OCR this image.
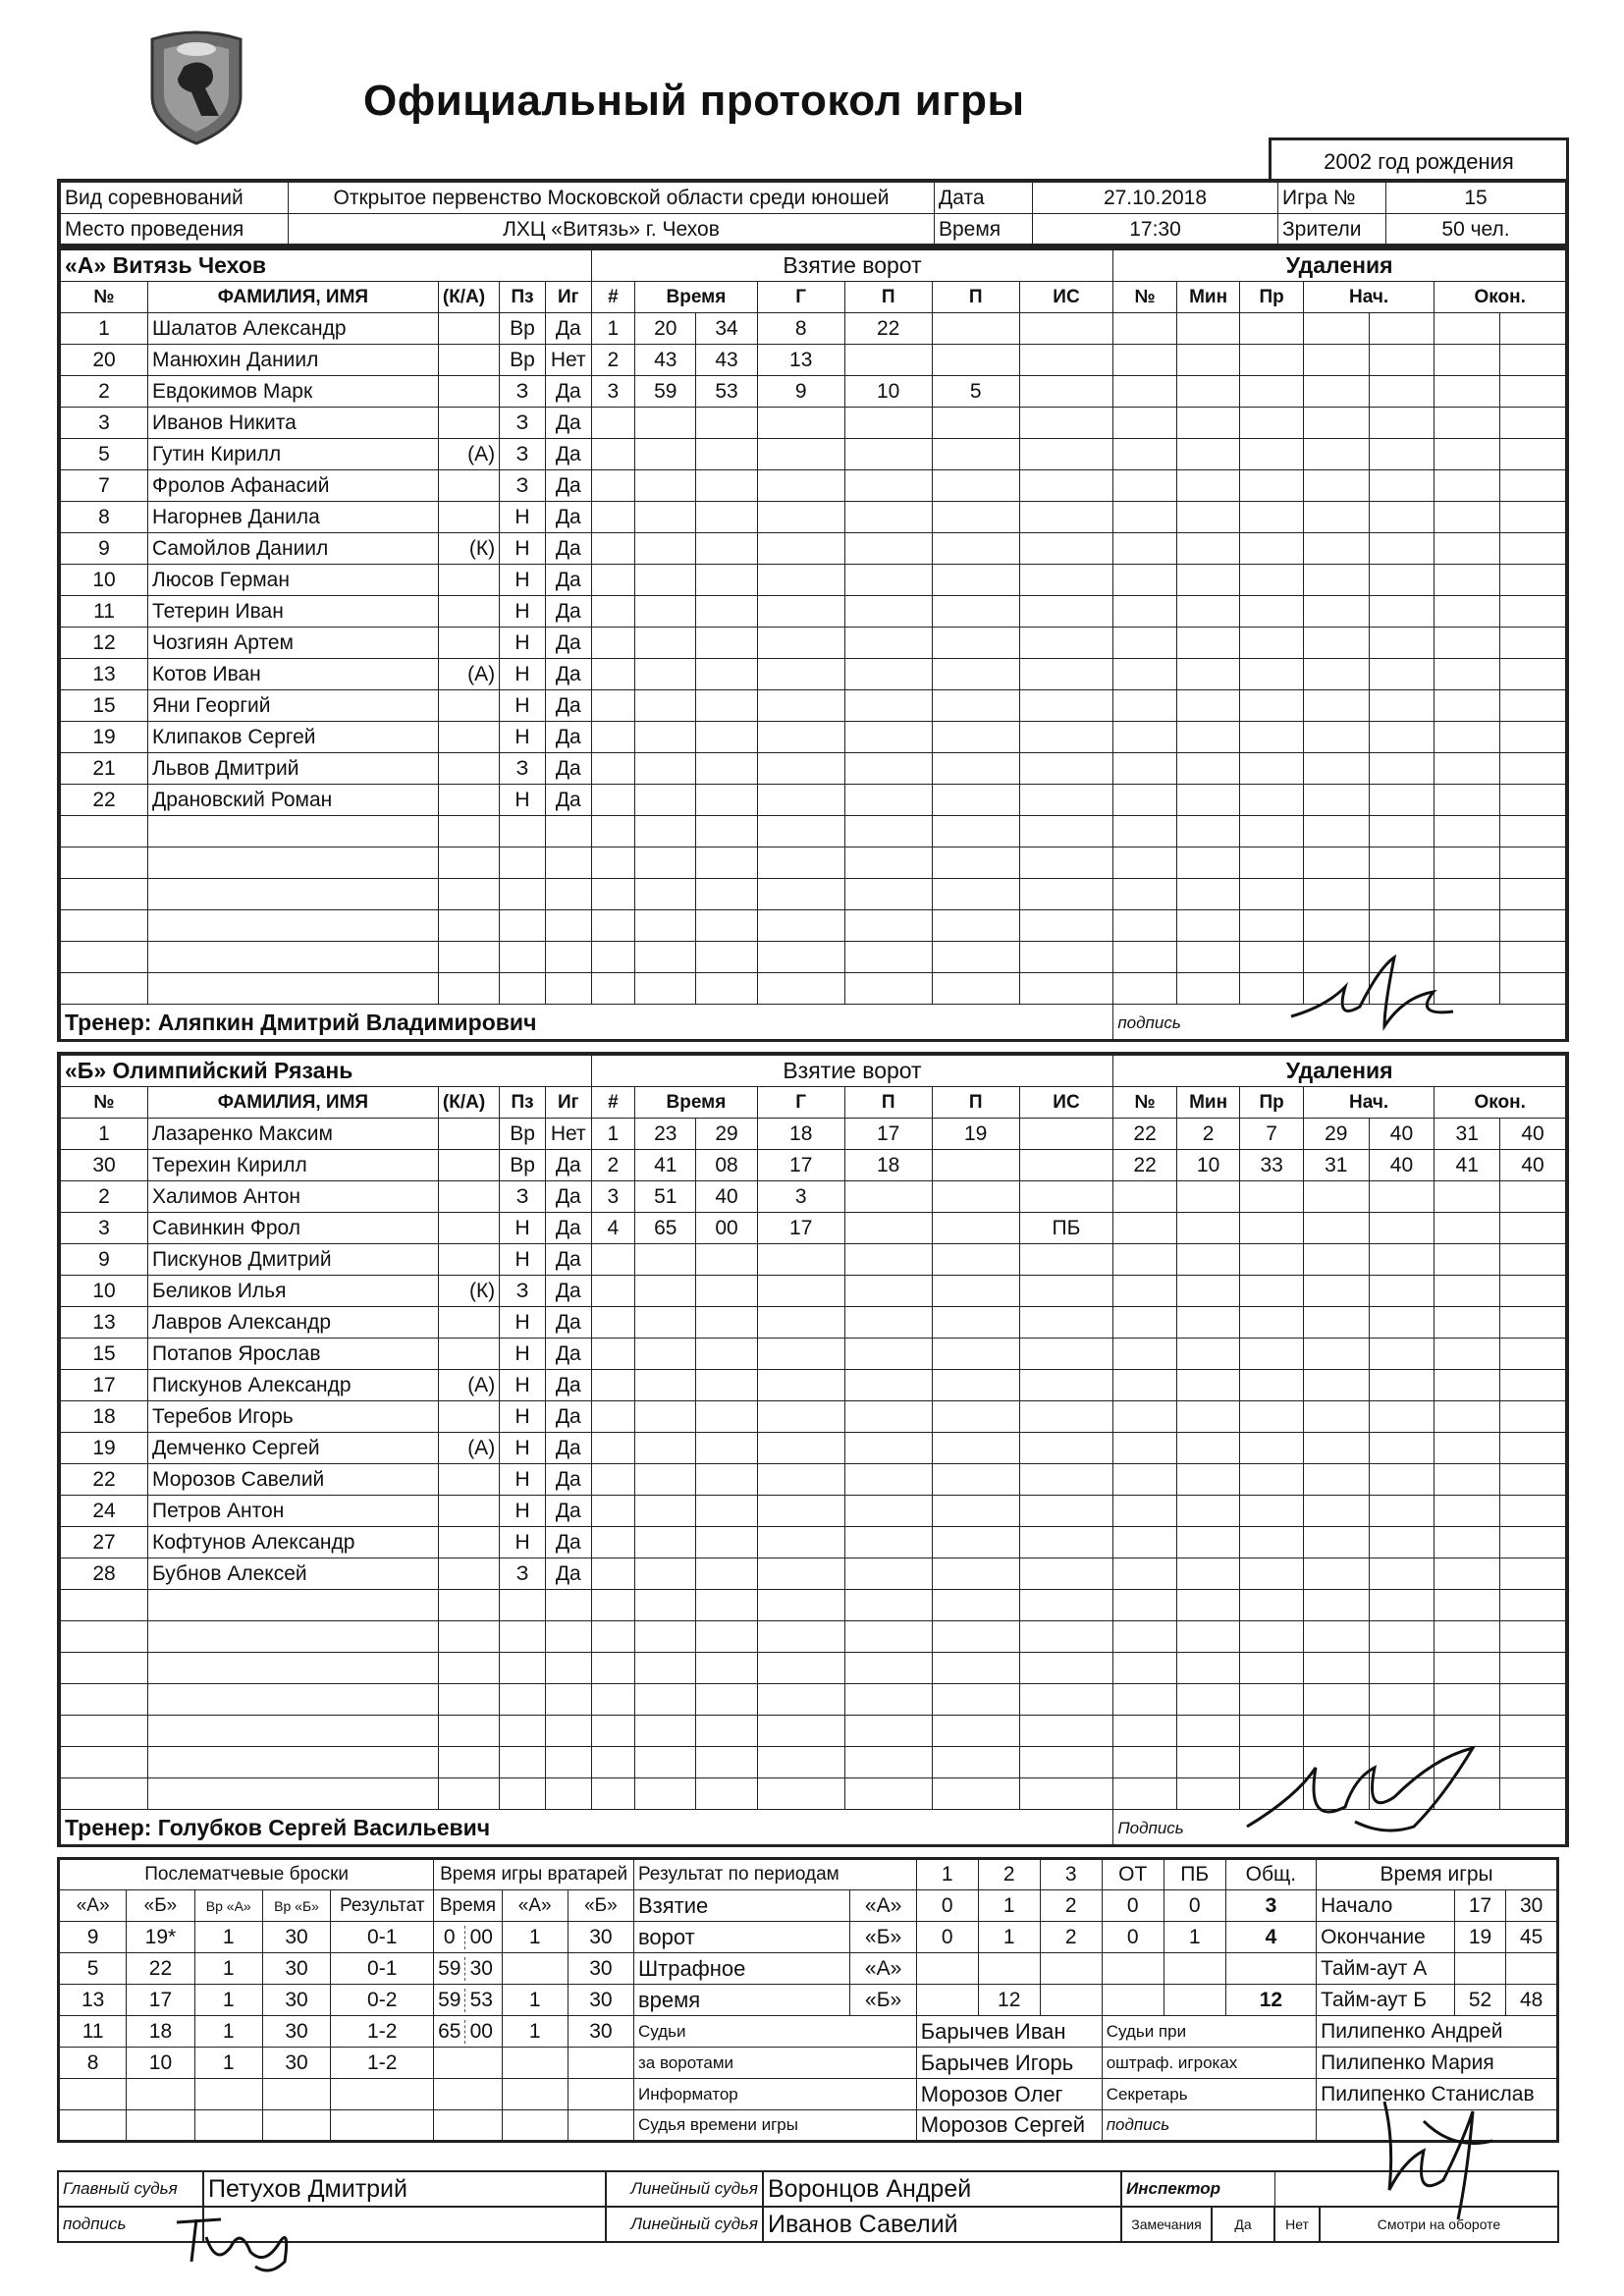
Официальный протокол игры
2002 год рождения
Вид соревнований	Открытое первенство Московской области среди юношей	Дата	27.10.2018	Игра №	15
Место проведения	ЛХЦ «Витязь» г. Чехов	Время	17:30	Зрители	50 чел.
«А» Витязь Чехов					Взятие ворот							Удаления						
№	ФАМИЛИЯ, ИМЯ	(К/А)	Пз	Иг	#	Время		Г	П	П	ИС	№	Мин	Пр	Нач.		Окон.	
1	Шалатов Александр		Вр	Да	1	20	34	8	22									
20	Манюхин Даниил		Вр	Нет	2	43	43	13										
2	Евдокимов Марк		З	Да	3	59	53	9	10	5								
3	Иванов Никита		З	Да														
5	Гутин Кирилл	(А)	З	Да														
7	Фролов Афанасий		З	Да														
8	Нагорнев Данила		Н	Да														
9	Самойлов Даниил	(К)	Н	Да														
10	Люсов Герман		Н	Да														
11	Тетерин Иван		Н	Да														
12	Чозгиян Артем		Н	Да														
13	Котов Иван	(А)	Н	Да														
15	Яни Георгий		Н	Да														
19	Клипаков Сергей		Н	Да														
21	Львов Дмитрий		З	Да														
22	Драновский Роман		Н	Да														

Тренер: Аляпкин Дмитрий Владимирович												подпись						
«Б» Олимпийский Рязань					Взятие ворот							Удаления						
№	ФАМИЛИЯ, ИМЯ	(К/А)	Пз	Иг	#	Время		Г	П	П	ИС	№	Мин	Пр	Нач.		Окон.	
1	Лазаренко Максим		Вр	Нет	1	23	29	18	17	19		22	2	7	29	40	31	40
30	Терехин Кирилл		Вр	Да	2	41	08	17	18			22	10	33	31	40	41	40
2	Халимов Антон		З	Да	3	51	40	3										
3	Савинкин Фрол		Н	Да	4	65	00	17			ПБ							
9	Пискунов Дмитрий		Н	Да														
10	Беликов Илья	(К)	З	Да														
13	Лавров Александр		Н	Да														
15	Потапов Ярослав		Н	Да														
17	Пискунов Александр	(А)	Н	Да														
18	Теребов Игорь		Н	Да														
19	Демченко Сергей	(А)	Н	Да														
22	Морозов Савелий		Н	Да														
24	Петров Антон		Н	Да														
27	Кофтунов Александр		Н	Да														
28	Бубнов Алексей		З	Да														

Тренер: Голубков Сергей Васильевич												Подпись						
Послематчевые броски					Время игры вратарей			Результат по периодам		1	2	3	ОТ	ПБ	Общ.	Время игры		
«А»	«Б»	Вр «А»	Вр «Б»	Результат	Время	«А»	«Б»	Взятие	«А»	0	1	2	0	0	3	Начало	17	30
9	19*	1	30	0-1	0 00	1	30	ворот	«Б»	0	1	2	0	1	4	Окончание	19	45
5	22	1	30	0-1	59 30		30	Штрафное	«А»							Тайм-аут А		
13	17	1	30	0-2	59 53	1	30	время	«Б»		12				12	Тайм-аут Б	52	48
11	18	1	30	1-2	65 00	1	30	Судьи		Барычев Иван			Судьи при			Пилипенко Андрей		
8	10	1	30	1-2				за воротами		Барычев Игорь			оштраф. игроках			Пилипенко Мария		
								Информатор		Морозов Олег			Секретарь			Пилипенко Станислав		
								Судья времени игры		Морозов Сергей			подпись					
Главный судья	Петухов Дмитрий	Линейный судья	Воронцов Андрей	Инспектор			
подпись		Линейный судья	Иванов Савелий	Замечания	Да	Нет	Смотри на обороте
